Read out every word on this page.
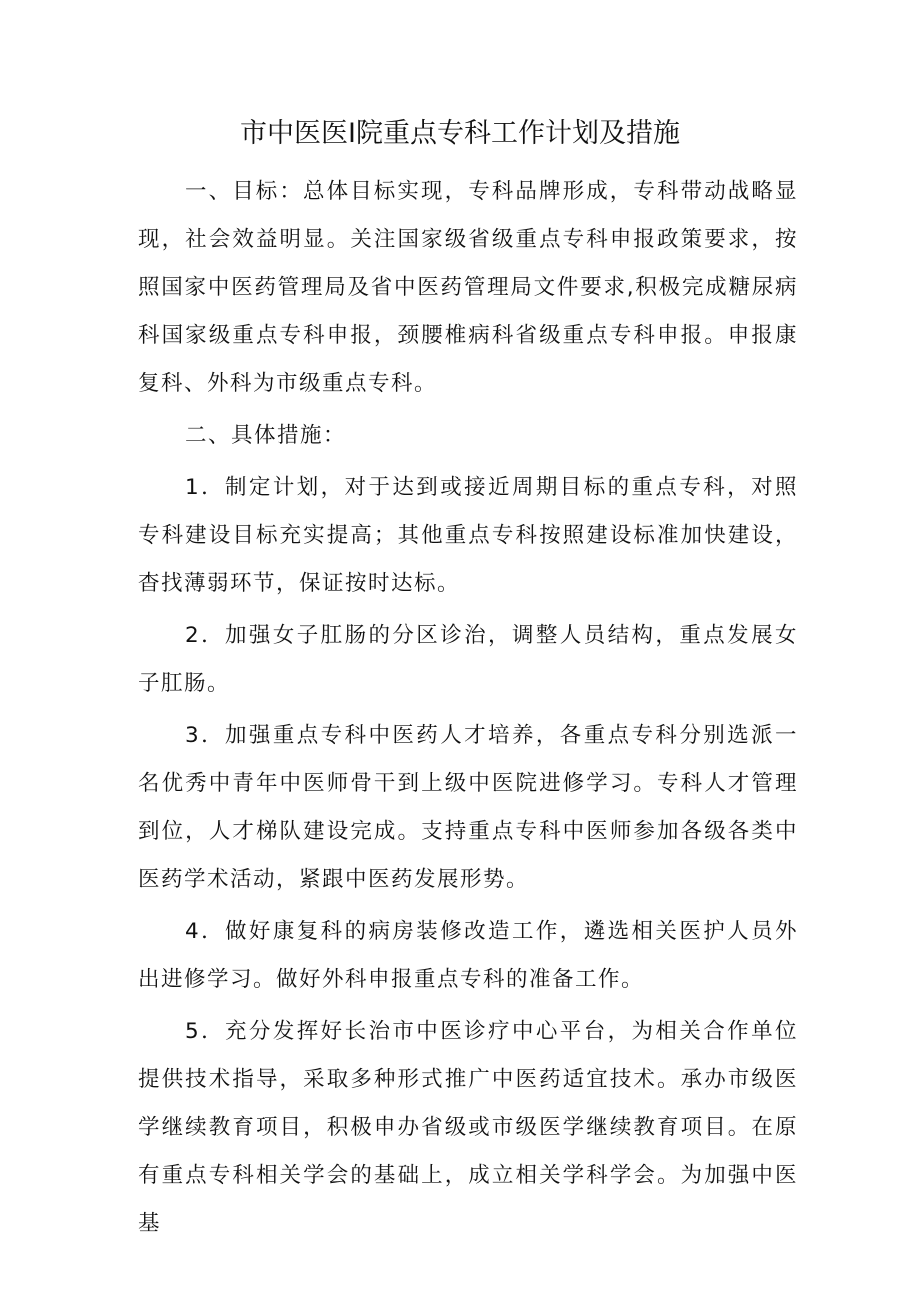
市中医医Ⅰ院重点专科工作计划及措施

一、目标：总体目标实现，专科品牌形成，专科带动战略显现，社会效益明显。关注国家级省级重点专科申报政策要求，按照国家中医药管理局及省中医药管理局文件要求,积极完成糖尿病科国家级重点专科申报，颈腰椎病科省级重点专科申报。申报康复科、外科为市级重点专科。

二、具体措施：

1．制定计划，对于达到或接近周期目标的重点专科，对照专科建设目标充实提高；其他重点专科按照建设标准加快建设，杳找薄弱环节，保证按时达标。

2．加强女子肛肠的分区诊治，调整人员结构，重点发展女子肛肠。

3．加强重点专科中医药人才培养，各重点专科分别选派一名优秀中青年中医师骨干到上级中医院进修学习。专科人才管理到位，人才梯队建设完成。支持重点专科中医师参加各级各类中医药学术活动，紧跟中医药发展形势。

4．做好康复科的病房装修改造工作，遴选相关医护人员外出进修学习。做好外科申报重点专科的准备工作。

5．充分发挥好长治市中医诊疗中心平台，为相关合作单位提供技术指导，采取多种形式推广中医药适宜技术。承办市级医学继续教育项目，积极申办省级或市级医学继续教育项目。在原有重点专科相关学会的基础上，成立相关学科学会。为加强中医基
